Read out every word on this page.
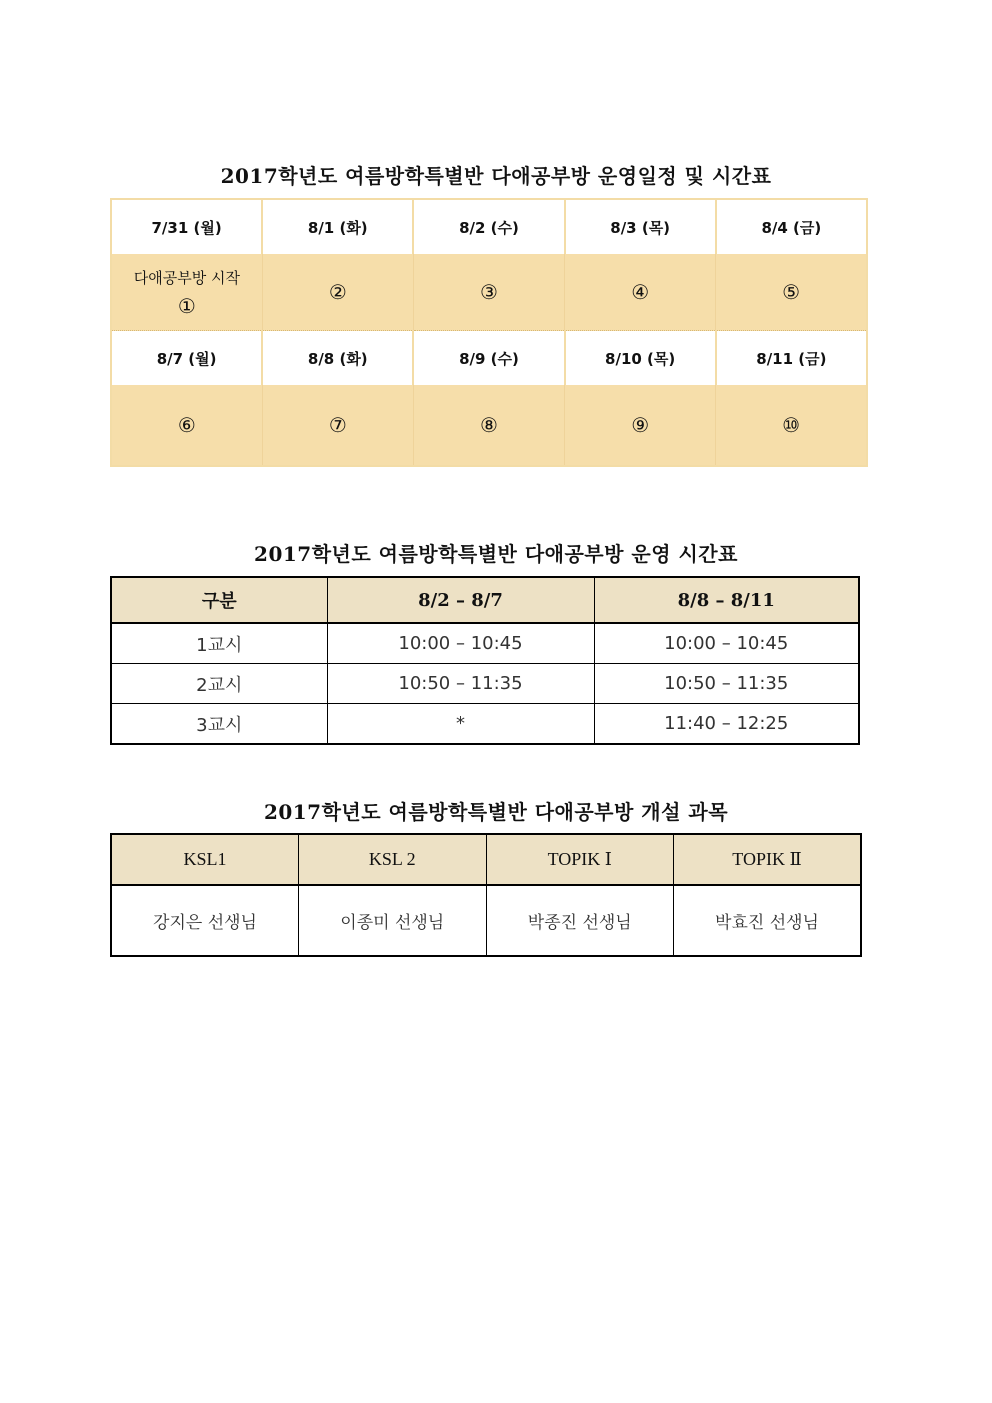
2017학년도 여름방학특별반 다애공부방 운영일정 및 시간표
7/31 (월)	8/1 (화)	8/2 (수)	8/3 (목)	8/4 (금)

다애공부방 시작
①	②	③	④	⑤
8/7 (월)	8/8 (화)	8/9 (수)	8/10 (목)	8/11 (금)
⑥	⑦	⑧	⑨	⑩
2017학년도 여름방학특별반 다애공부방 운영 시간표
구분	8/2 – 8/7	8/8 – 8/11
1교시	10:00 – 10:45	10:00 – 10:45
2교시	10:50 – 11:35	10:50 – 11:35
3교시	*	11:40 – 12:25
2017학년도 여름방학특별반 다애공부방 개설 과목
KSL1	KSL 2	TOPIK Ⅰ	TOPIK Ⅱ
강지은 선생님	이종미 선생님	박종진 선생님	박효진 선생님
